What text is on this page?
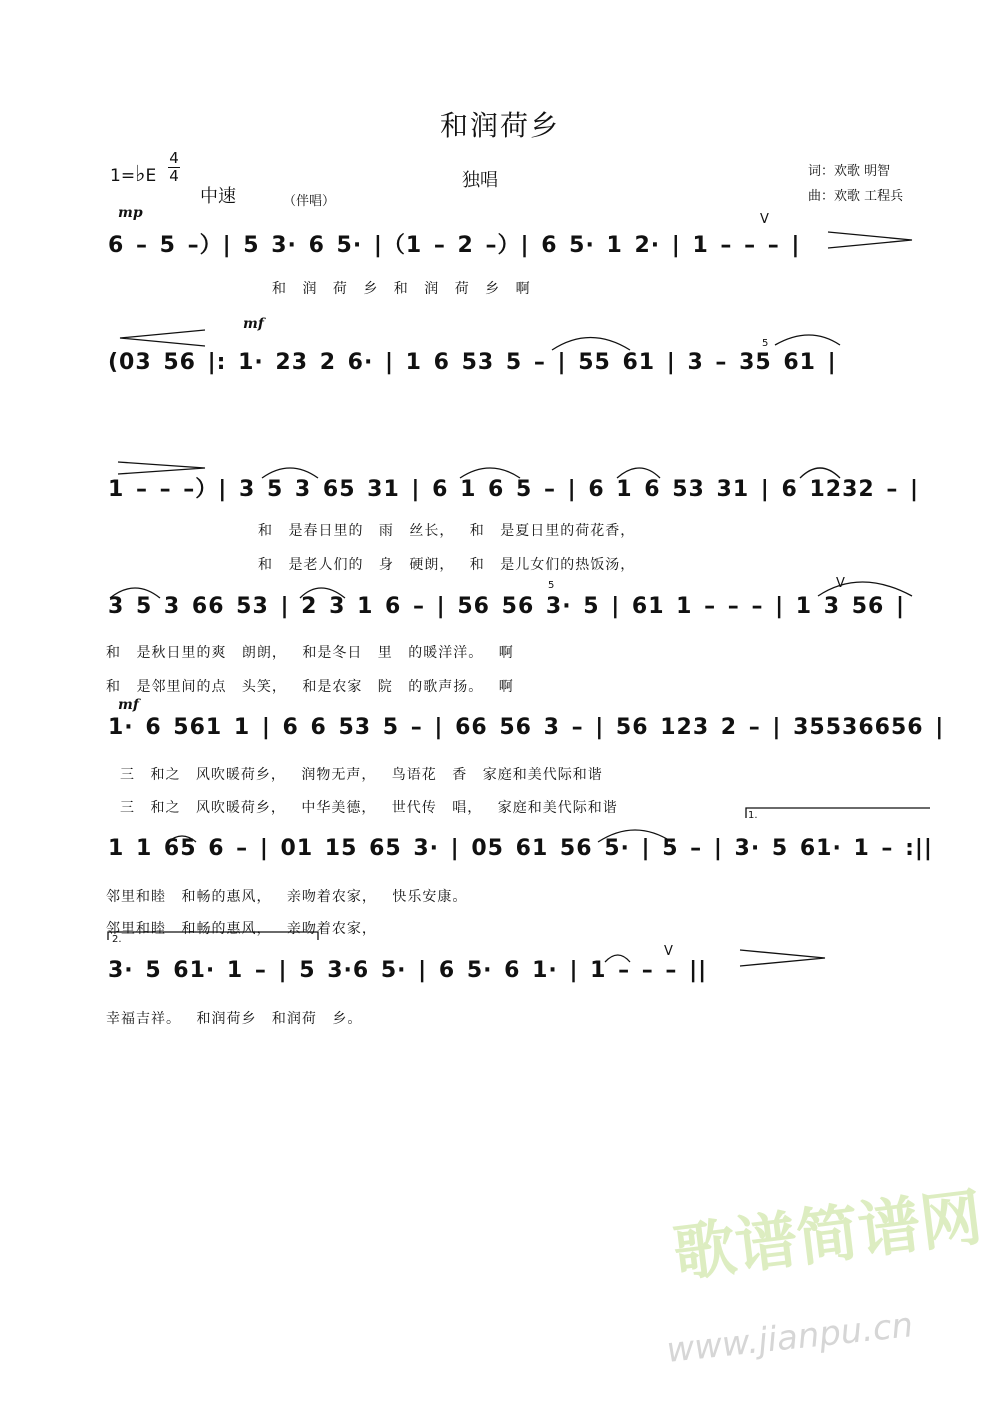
和润荷乡
1=♭E
4
4
中速	（伴唱）
独唱	词：欢歌 明智
曲：欢歌 工程兵
mp
mf
mf
6 – 5 –）| 5 3· 6 5· |（1 – 2 –）| 6 5· 1 2· | 1 – – – |
和 润 荷 乡 和 润 荷 乡 啊
(03 56 |: 1· 23 2 6· | 1 6 53 5 – | 55 61 | 3 – 35 61 |
1 – – –）| 3 5 3 65 31 | 6 1 6 5 – | 6 1 6 53 31 | 6 1232 – |
和 是春日里的 雨 丝长， 和 是夏日里的荷花香，
和 是老人们的 身 硬朗， 和 是儿女们的热饭汤，
3 5 3 66 53 | 2 3 1 6 – | 56 56 3· 5 | 61 1 – – – | 1 3 56 |
和 是秋日里的爽 朗朗， 和是冬日 里 的暖洋洋。 啊
和 是邻里间的点 头笑， 和是农家 院 的歌声扬。 啊
1· 6 561 1 | 6 6 53 5 – | 66 56 3 – | 56 123 2 – | 35536656 |
三 和之 风吹暖荷乡， 润物无声， 鸟语花 香 家庭和美代际和谐
三 和之 风吹暖荷乡， 中华美德， 世代传 唱， 家庭和美代际和谐
1 1 65 6 – | 01 15 65 3· | 05 61 56 5· | 5 – | 3· 5 61· 1 – :||
邻里和睦 和畅的惠风， 亲吻着农家， 快乐安康。
邻里和睦 和畅的惠风， 亲吻着农家，
3· 5 61· 1 – | 5 3·6 5· | 6 5· 6 1· | 1 – – – ||
幸福吉祥。 和润荷乡 和润荷 乡。
1.
2.
5
5
V
V
V
歌谱简谱网
www.jianpu.cn
